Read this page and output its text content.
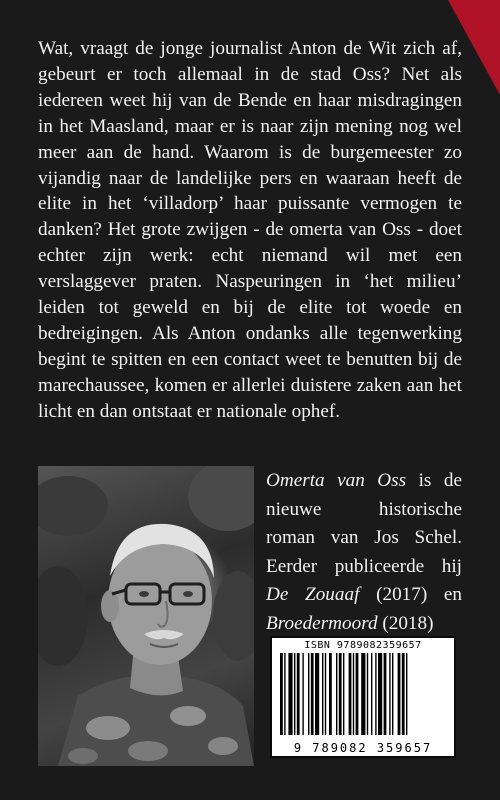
Wat, vraagt de jonge journalist Anton de Wit zich af, gebeurt er toch allemaal in de stad Oss? Net als iedereen weet hij van de Bende en haar misdragingen in het Maasland, maar er is naar zijn mening nog wel meer aan de hand. Waarom is de burgemeester zo vijandig naar de landelijke pers en waaraan heeft de elite in het ‘villadorp’ haar puissante vermogen te danken? Het grote zwijgen - de omerta van Oss - doet echter zijn werk: echt niemand wil met een verslaggever praten. Naspeuringen in ‘het milieu’ leiden tot geweld en bij de elite tot woede en bedreigingen. Als Anton ondanks alle tegenwerking begint te spitten en een contact weet te benutten bij de marechaussee, komen er allerlei duistere zaken aan het licht en dan ontstaat er nationale ophef.

Omerta van Oss is de nieuwe historische roman van Jos Schel. Eerder publiceerde hij De Zouaaf (2017) en Broedermoord (2018)

ISBN 9789082359657
9 789082 359657
